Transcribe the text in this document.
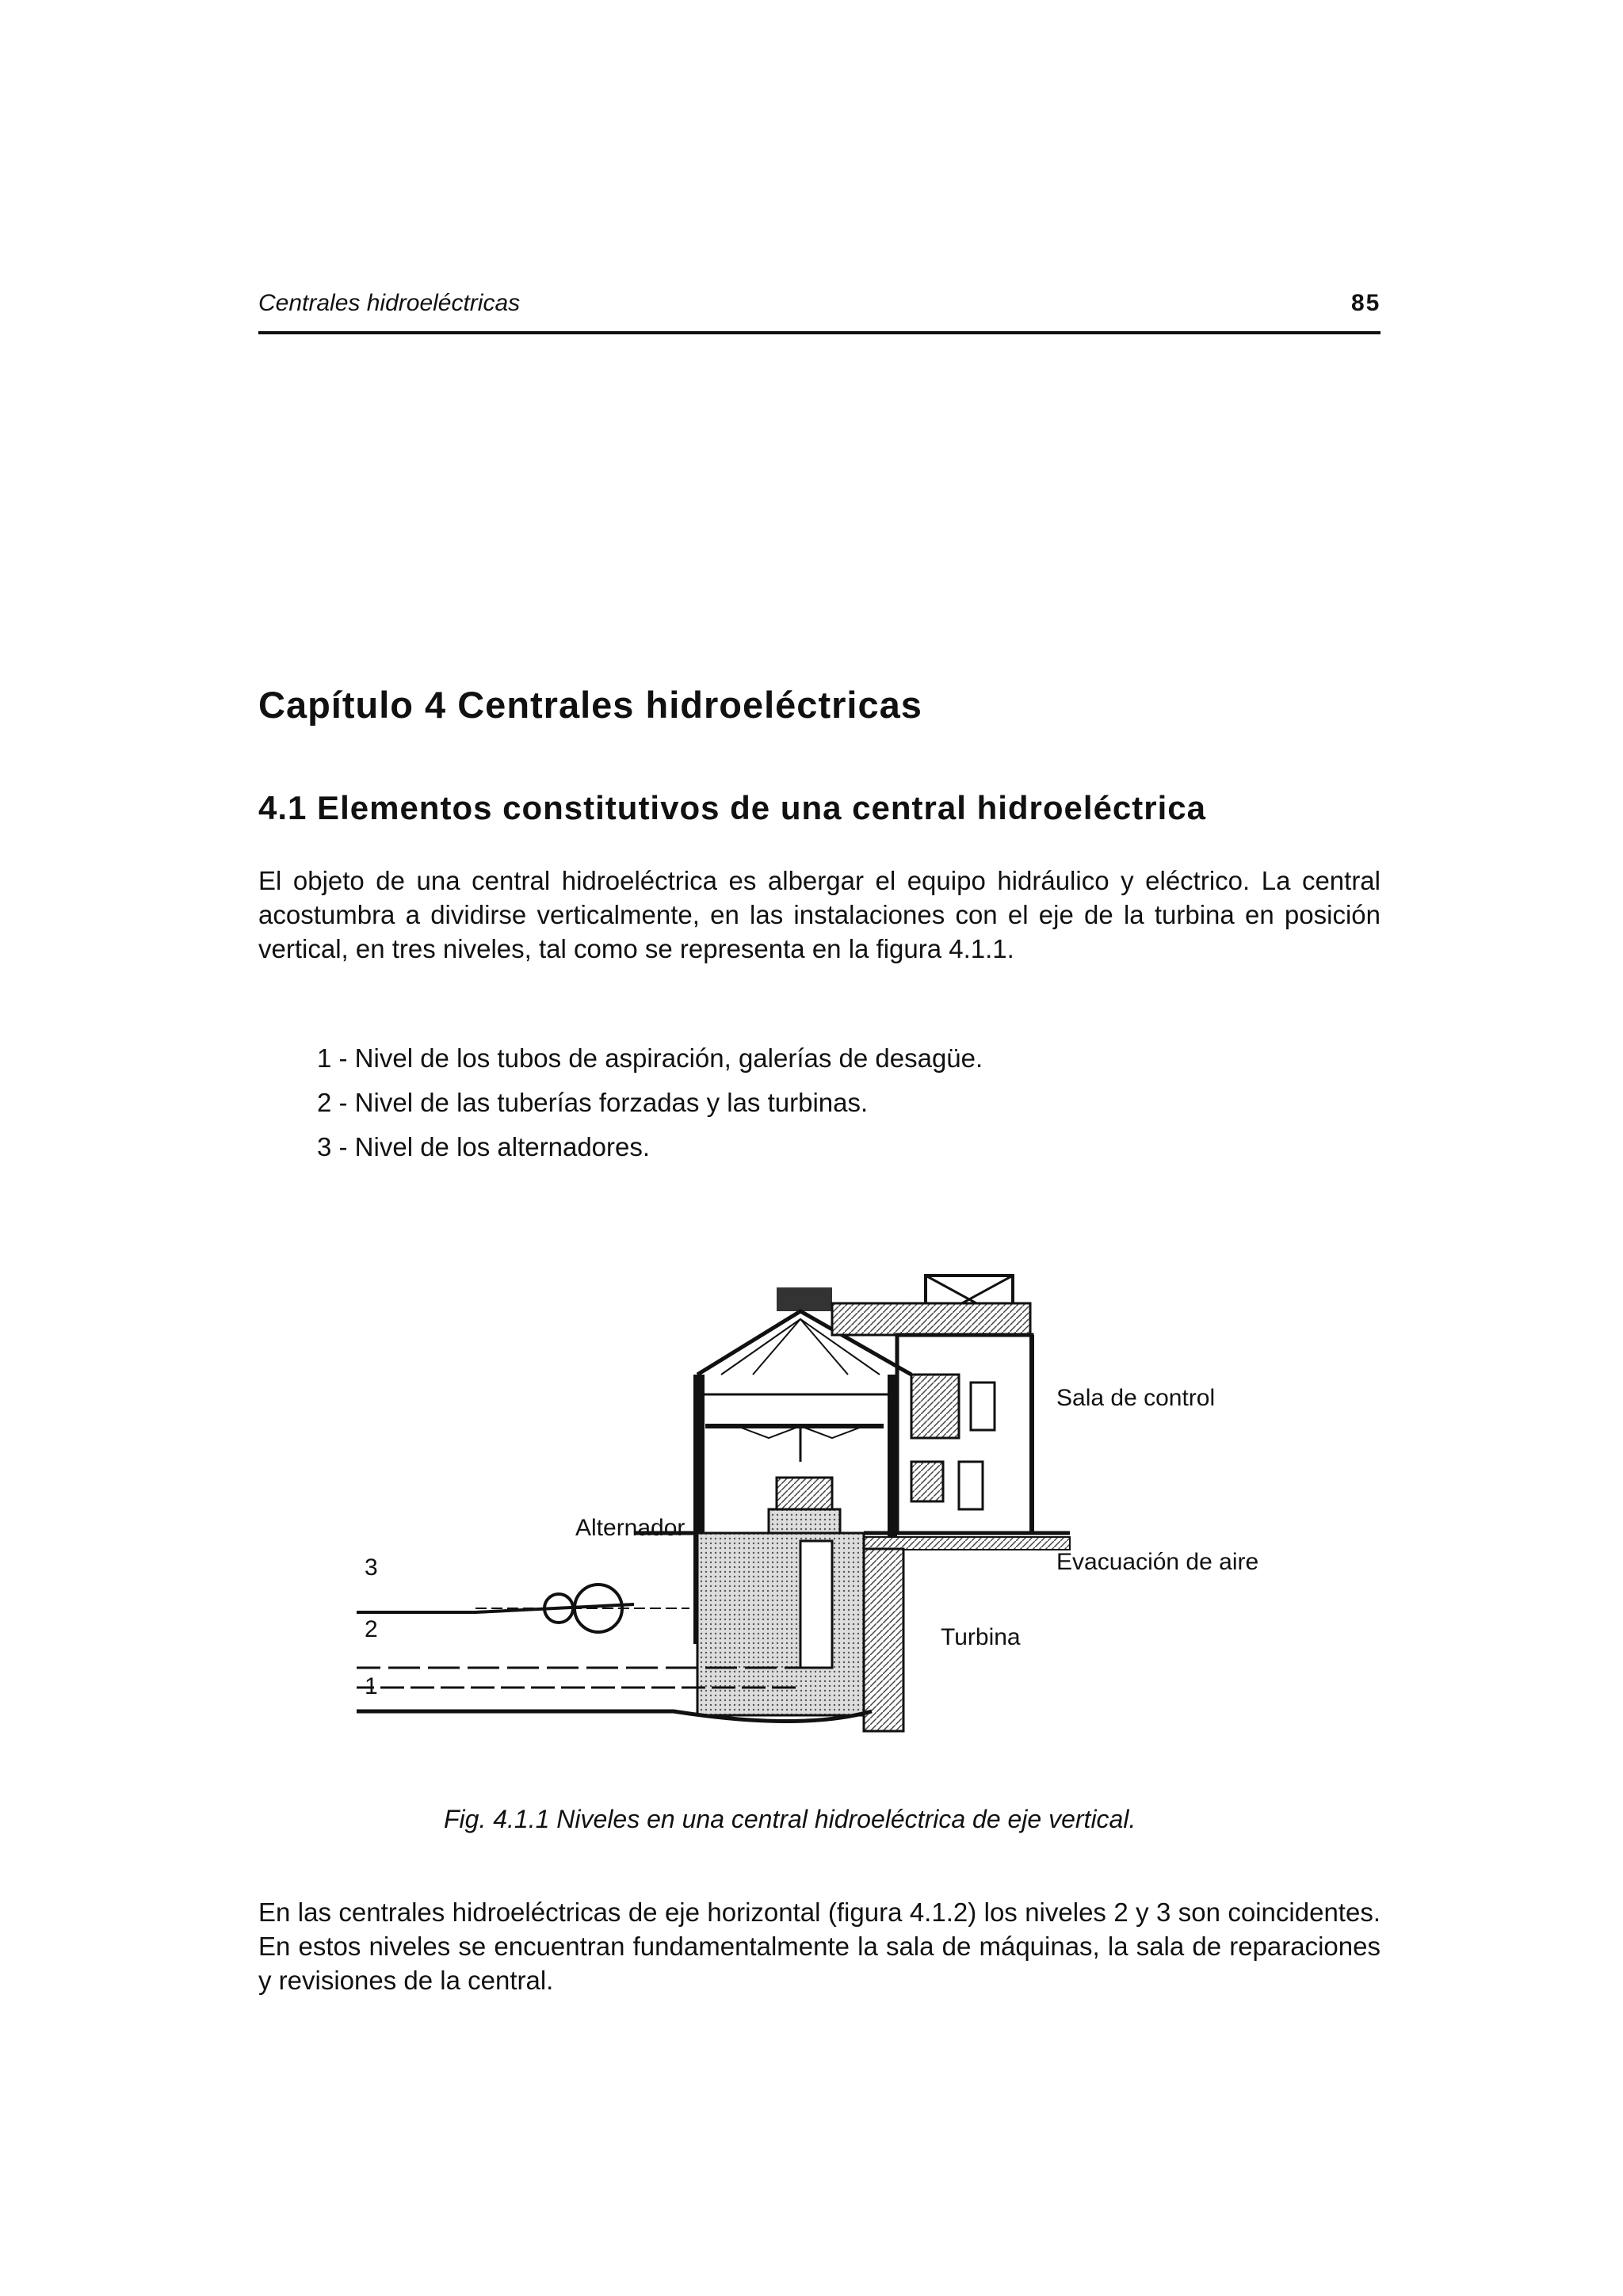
Centrales hidroeléctricas	85
Capítulo 4 Centrales hidroeléctricas
4.1 Elementos constitutivos de una central hidroeléctrica

El objeto de una central hidroeléctrica es albergar el equipo hidráulico y eléctrico. La central acostumbra a dividirse verticalmente, en las instalaciones con el eje de la turbina en posición vertical, en tres niveles, tal como se representa en la figura 4.1.1.

1 - Nivel de los tubos de aspiración, galerías de desagüe.
2 - Nivel de las tuberías forzadas y las turbinas.
3 - Nivel de los alternadores.
Sala de control
Alternador
Evacuación de aire
Turbina
3
2
1
Fig. 4.1.1 Niveles en una central hidroeléctrica de eje vertical.

En las centrales hidroeléctricas de eje horizontal (figura 4.1.2) los niveles 2 y 3 son coincidentes. En estos niveles se encuentran fundamentalmente la sala de máquinas, la sala de reparaciones y revisiones de la central.
